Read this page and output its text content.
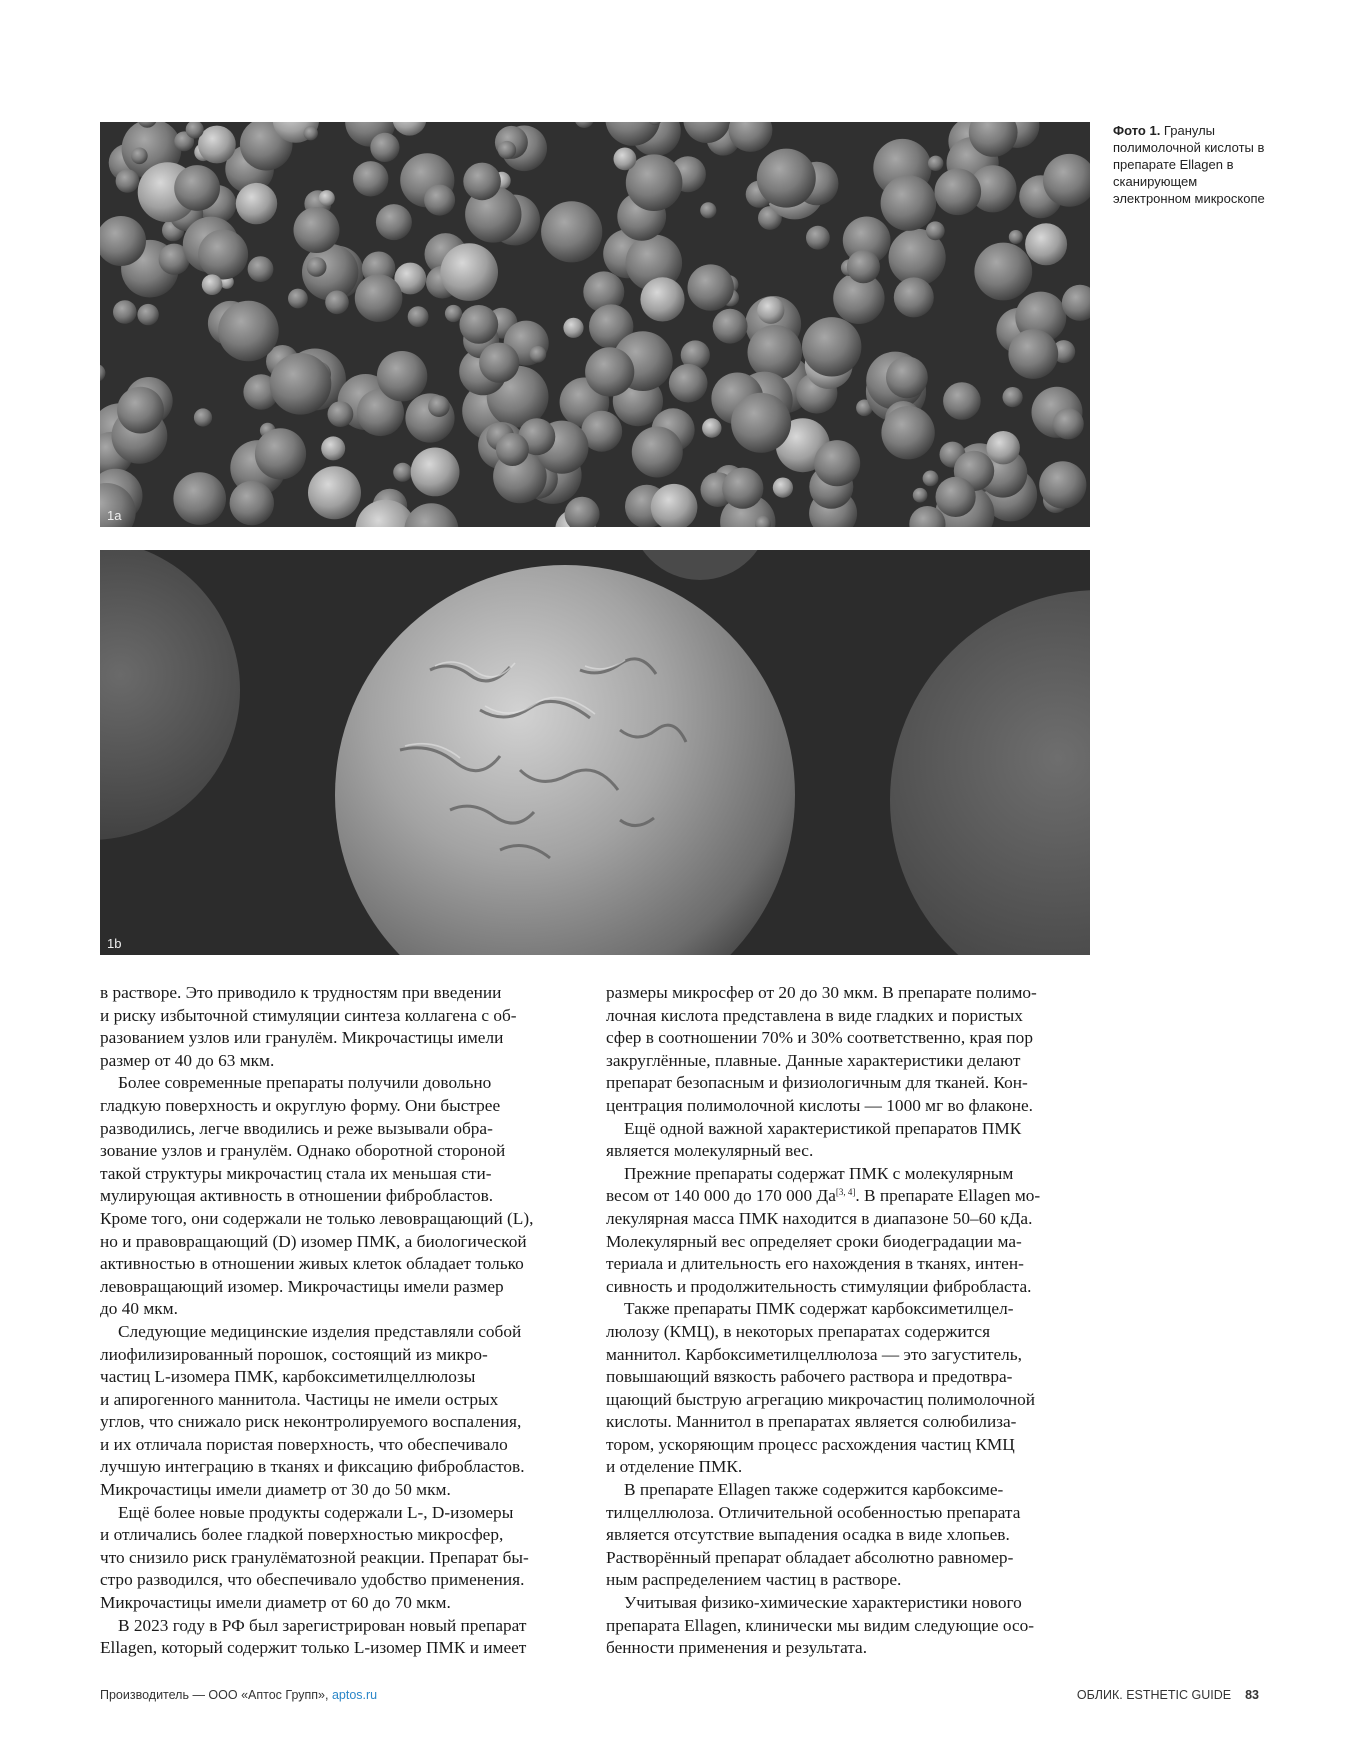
1a
1b
Фото 1. Гранулы полимолочной кислоты в препарате Ellagen в сканирующем электронном микроскопе

в растворе. Это приводило к трудностям при введении
и риску избыточной стимуляции синтеза коллагена с об-
разованием узлов или гранулём. Микрочастицы имели
размер от 40 до 63 мкм.

Более современные препараты получили довольно
гладкую поверхность и округлую форму. Они быстрее
разводились, легче вводились и реже вызывали обра-
зование узлов и гранулём. Однако оборотной стороной
такой структуры микрочастиц стала их меньшая сти-
мулирующая активность в отношении фибробластов.
Кроме того, они содержали не только левовращающий (L),
но и правовращающий (D) изомер ПМК, а биологической
активностью в отношении живых клеток обладает только
левовращающий изомер. Микрочастицы имели размер
до 40 мкм.

Следующие медицинские изделия представляли собой
лиофилизированный порошок, состоящий из микро-
частиц L-изомера ПМК, карбоксиметилцеллюлозы
и апирогенного маннитола. Частицы не имели острых
углов, что снижало риск неконтролируемого воспаления,
и их отличала пористая поверхность, что обеспечивало
лучшую интеграцию в тканях и фиксацию фибробластов.
Микрочастицы имели диаметр от 30 до 50 мкм.

Ещё более новые продукты содержали L-, D-изомеры
и отличались более гладкой поверхностью микросфер,
что снизило риск гранулёматозной реакции. Препарат бы-
стро разводился, что обеспечивало удобство применения.
Микрочастицы имели диаметр от 60 до 70 мкм.

В 2023 году в РФ был зарегистрирован новый препарат
Ellagen, который содержит только L-изомер ПМК и имеет

размеры микросфер от 20 до 30 мкм. В препарате полимо-
лочная кислота представлена в виде гладких и пористых
сфер в соотношении 70% и 30% соответственно, края пор
закруглённые, плавные. Данные характеристики делают
препарат безопасным и физиологичным для тканей. Кон-
центрация полимолочной кислоты — 1000 мг во флаконе.

Ещё одной важной характеристикой препаратов ПМК
является молекулярный вес.

Прежние препараты содержат ПМК с молекулярным
весом от 140 000 до 170 000 Да[3, 4]. В препарате Ellagen мо-
лекулярная масса ПМК находится в диапазоне 50–60 кДа.
Молекулярный вес определяет сроки биодеградации ма-
териала и длительность его нахождения в тканях, интен-
сивность и продолжительность стимуляции фибробласта.

Также препараты ПМК содержат карбоксиметилцел-
люлозу (КМЦ), в некоторых препаратах содержится
маннитол. Карбоксиметилцеллюлоза — это загуститель,
повышающий вязкость рабочего раствора и предотвра-
щающий быструю агрегацию микрочастиц полимолочной
кислоты. Маннитол в препаратах является солюбилиза-
тором, ускоряющим процесс расхождения частиц КМЦ
и отделение ПМК.

В препарате Ellagen также содержится карбоксиме-
тилцеллюлоза. Отличительной особенностью препарата
является отсутствие выпадения осадка в виде хлопьев.
Растворённый препарат обладает абсолютно равномер-
ным распределением частиц в растворе.

Учитывая физико-химические характеристики нового
препарата Ellagen, клинически мы видим следующие осо-
бенности применения и результата.

Производитель — ООО «Аптос Групп», aptos.ru	ОБЛИК. ESTHETIC GUIDE 83
